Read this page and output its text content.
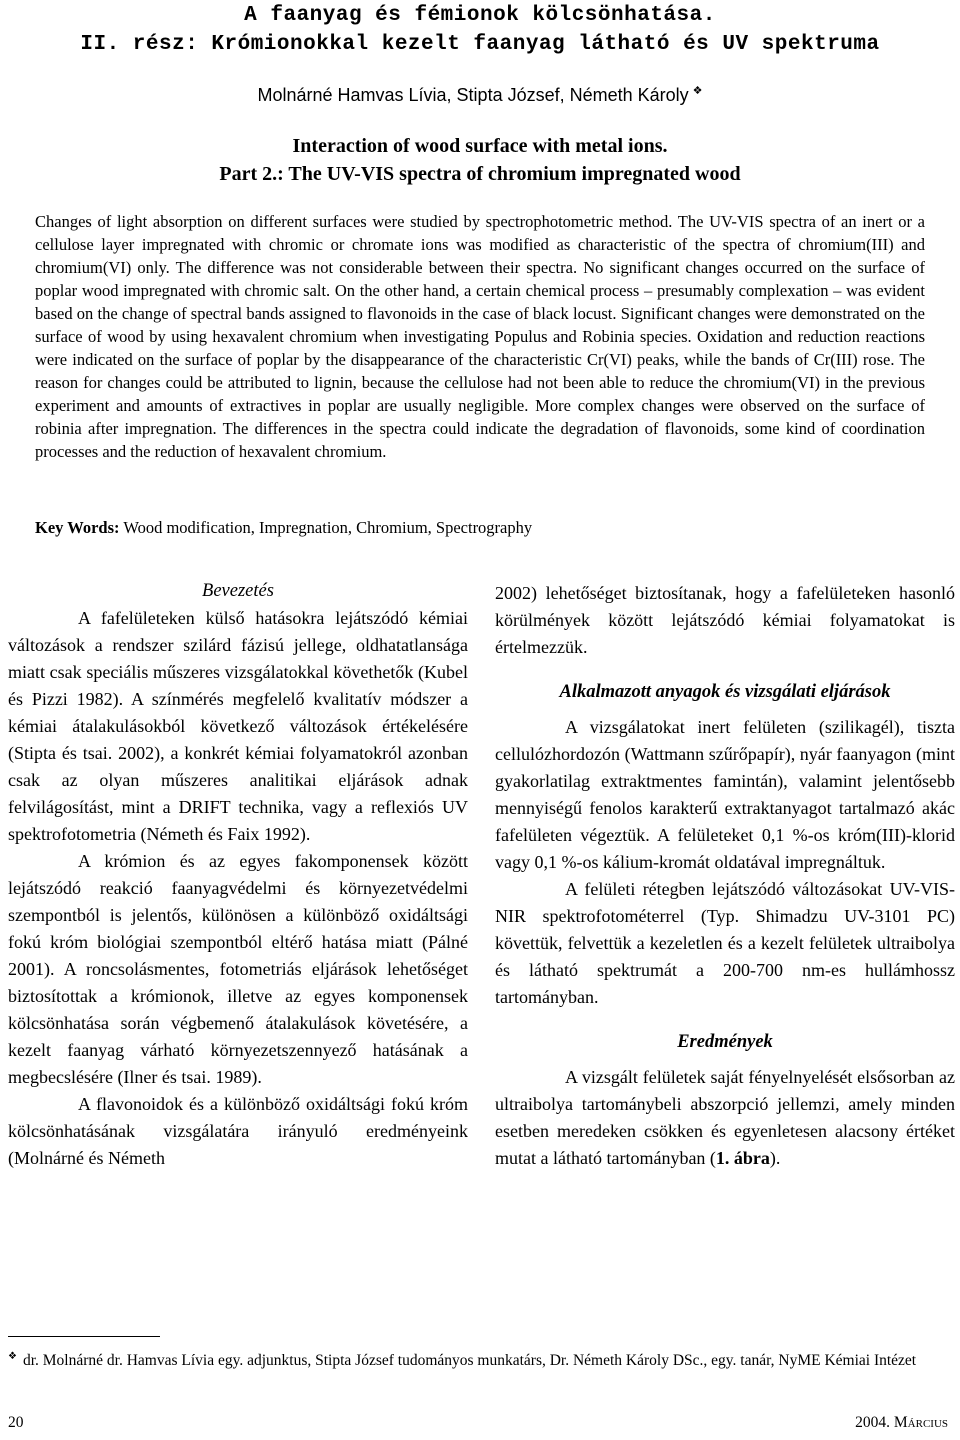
A faanyag és fémionok kölcsönhatása.
II. rész: Krómionokkal kezelt faanyag látható és UV spektruma
Molnárné Hamvas Lívia, Stipta József, Németh Károly ❖
Interaction of wood surface with metal ions.
Part 2.: The UV-VIS spectra of chromium impregnated wood
Changes of light absorption on different surfaces were studied by spectrophotometric method. The UV-VIS spectra of an inert or a cellulose layer impregnated with chromic or chromate ions was modified as characteristic of the spectra of chromium(III) and chromium(VI) only. The difference was not considerable between their spectra. No significant changes occurred on the surface of poplar wood impregnated with chromic salt. On the other hand, a certain chemical process – presumably complexation – was evident based on the change of spectral bands assigned to flavonoids in the case of black locust. Significant changes were demonstrated on the surface of wood by using hexavalent chromium when investigating Populus and Robinia species. Oxidation and reduction reactions were indicated on the surface of poplar by the disappearance of the characteristic Cr(VI) peaks, while the bands of Cr(III) rose. The reason for changes could be attributed to lignin, because the cellulose had not been able to reduce the chromium(VI) in the previous experiment and amounts of extractives in poplar are usually negligible. More complex changes were observed on the surface of robinia after impregnation. The differences in the spectra could indicate the degradation of flavonoids, some kind of coordination processes and the reduction of hexavalent chromium.
Key Words: Wood modification, Impregnation, Chromium, Spectrography
Bevezetés

A fafelületeken külső hatásokra lejátszódó kémiai változások a rendszer szilárd fázisú jellege, oldhatatlansága miatt csak speciális műszeres vizsgálatokkal követhetők (Kubel és Pizzi 1982). A színmérés megfelelő kvalitatív módszer a kémiai átalakulásokból következő változások értékelésére (Stipta és tsai. 2002), a konkrét kémiai folyamatokról azonban csak az olyan műszeres analitikai eljárások adnak felvilágosítást, mint a DRIFT technika, vagy a reflexiós UV spektrofotometria (Németh és Faix 1992).

A krómion és az egyes fakomponensek között lejátszódó reakció faanyagvédelmi és környezetvédelmi szempontból is jelentős, különösen a különböző oxidáltsági fokú króm biológiai szempontból eltérő hatása miatt (Pálné 2001). A roncsolásmentes, fotometriás eljárások lehetőséget biztosítottak a krómionok, illetve az egyes komponensek kölcsönhatása során végbemenő átalakulások követésére, a kezelt faanyag várható környezetszennyező hatásának a megbecslésére (Ilner és tsai. 1989).

A flavonoidok és a különböző oxidáltsági fokú króm kölcsönhatásának vizsgálatára irányuló eredményeink (Molnárné és Németh

2002) lehetőséget biztosítanak, hogy a fafelületeken hasonló körülmények között lejátszódó kémiai folyamatokat is értelmezzük.

Alkalmazott anyagok és vizsgálati eljárások

A vizsgálatokat inert felületen (szilikagél), tiszta cellulózhordozón (Wattmann szűrőpapír), nyár faanyagon (mint gyakorlatilag extraktmentes famintán), valamint jelentősebb mennyiségű fenolos karakterű extraktanyagot tartalmazó akác fafelületen végeztük. A felületeket 0,1 %-os króm(III)-klorid vagy 0,1 %-os kálium-kromát oldatával impregnáltuk.

A felületi rétegben lejátszódó változásokat UV-VIS-NIR spektrofotométerrel (Typ. Shimadzu UV-3101 PC) követtük, felvettük a kezeletlen és a kezelt felületek ultraibolya és látható spektrumát a 200-700 nm-es hullámhossz tartományban.

Eredmények

A vizsgált felületek saját fényelnyelését elsősorban az ultraibolya tartománybeli abszorpció jellemzi, amely minden esetben meredeken csökken és egyenletesen alacsony értéket mutat a látható tartományban (1. ábra).

❖ dr. Molnárné dr. Hamvas Lívia egy. adjunktus, Stipta József tudományos munkatárs, Dr. Németh Károly DSc., egy. tanár, NyME Kémiai Intézet
20	2004. Március
